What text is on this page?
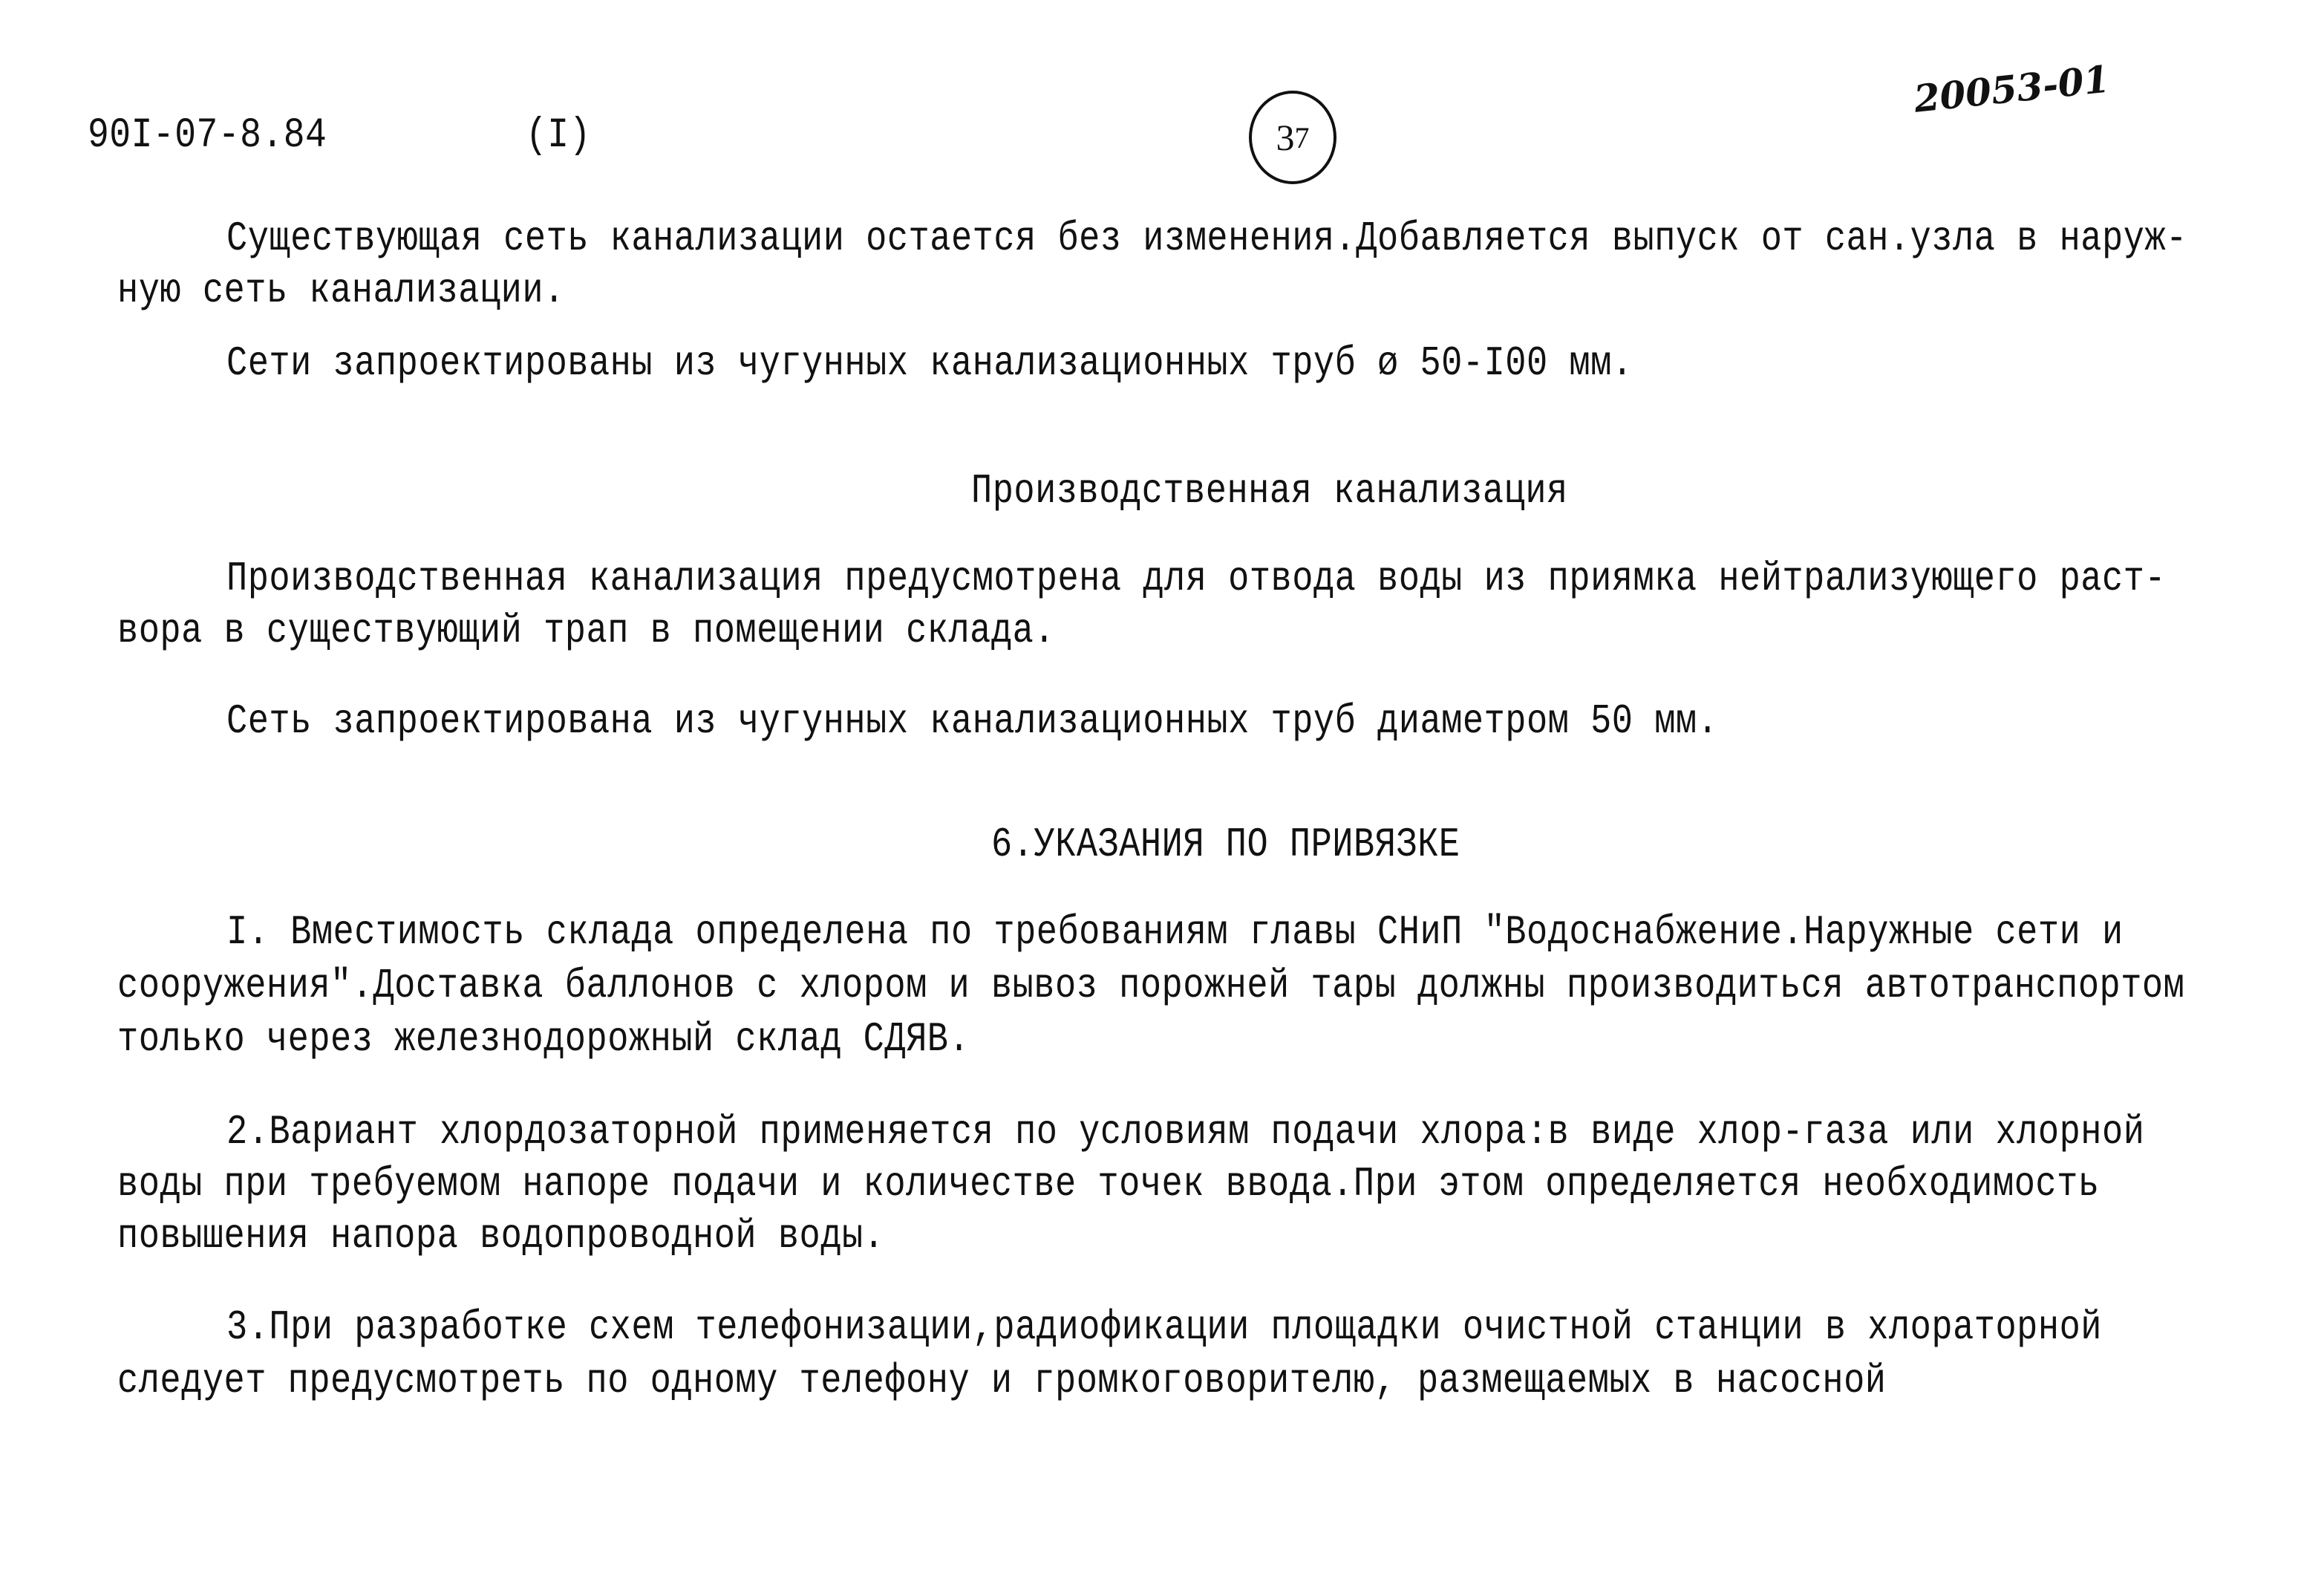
90I-07-8.84	(I)	3 7
20053-01
Существующая сеть канализации остается без изменения.Добавляется выпуск от сан.узла в наруж-
ную сеть канализации.
Сети запроектированы из чугунных канализационных труб ø 50-I00 мм.
Производственная канализация
Производственная канализация предусмотрена для отвода воды из приямка нейтрализующего раст-
вора в существующий трап в помещении склада.
Сеть запроектирована из чугунных канализационных труб диаметром 50 мм.
6.УКАЗАНИЯ ПО ПРИВЯЗКЕ
I. Вместимость склада определена по требованиям главы СНиП "Водоснабжение.Наружные сети и
сооружения".Доставка баллонов с хлором и вывоз порожней тары должны производиться автотранспортом
только через железнодорожный склад СДЯВ.
2.Вариант хлордозаторной применяется по условиям подачи хлора:в виде хлор-газа или хлорной
воды при требуемом напоре подачи и количестве точек ввода.При этом определяется необходимость
повышения напора водопроводной воды.
3.При разработке схем телефонизации,радиофикации площадки очистной станции в хлораторной
следует предусмотреть по одному телефону и громкоговорителю, размещаемых в насосной
